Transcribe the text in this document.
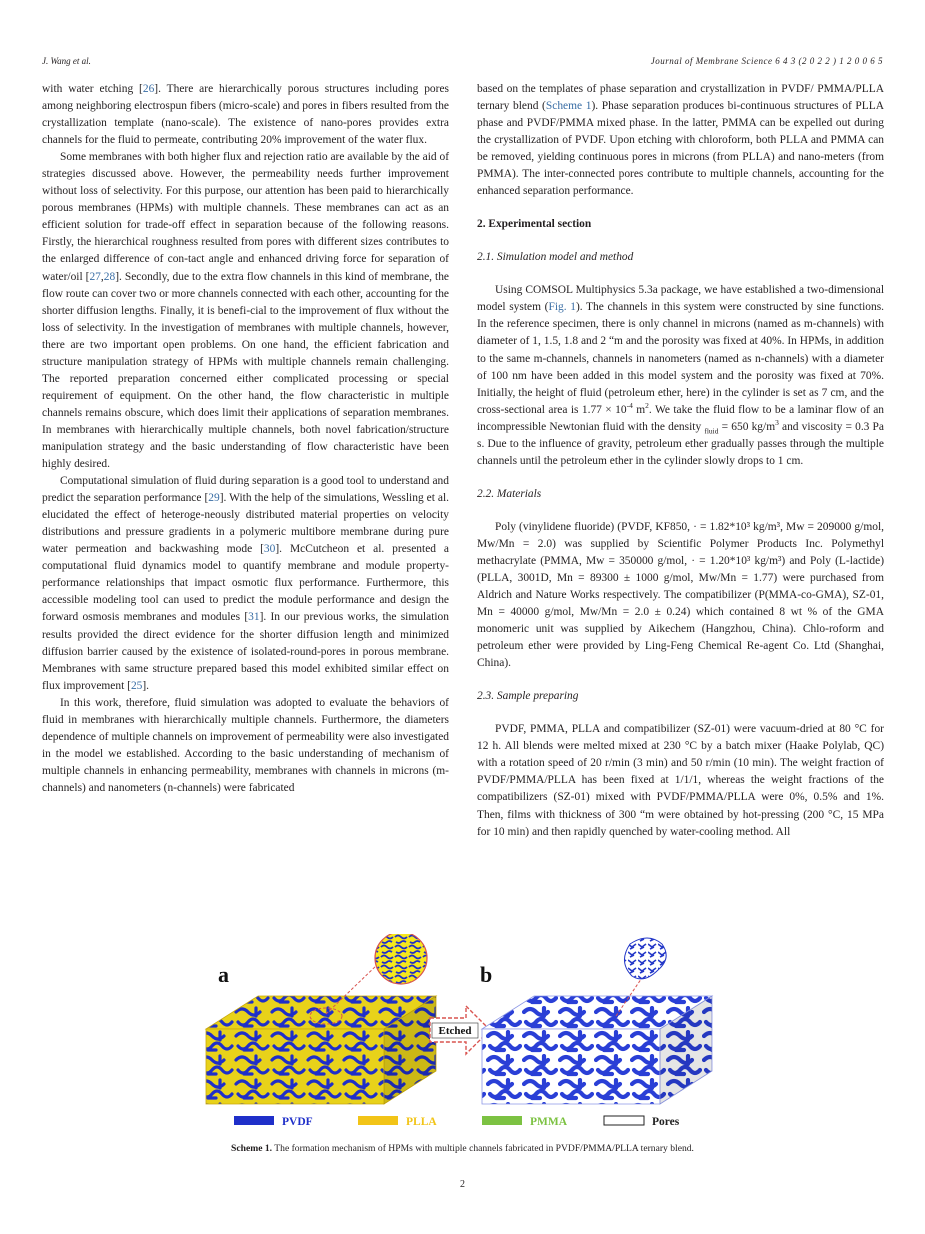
J. Wang et al.	Journal of Membrane Science 6 4 3 (2 0 2 2 ) 1 2 0 0 6 5

with water etching [26]. There are hierarchically porous structures including pores among neighboring electrospun fibers (micro-scale) and pores in fibers resulted from the crystallization template (nano-scale). The existence of nano-pores provides extra channels for the fluid to permeate, contributing 20% improvement of the water flux.

Some membranes with both higher flux and rejection ratio are available by the aid of strategies discussed above. However, the permeability needs further improvement without loss of selectivity. For this purpose, our attention has been paid to hierarchically porous membranes (HPMs) with multiple channels. These membranes can act as an efficient solution for trade-off effect in separation because of the following reasons. Firstly, the hierarchical roughness resulted from pores with different sizes contributes to the enlarged difference of con-tact angle and enhanced driving force for separation of water/oil [27,28]. Secondly, due to the extra flow channels in this kind of membrane, the flow route can cover two or more channels connected with each other, accounting for the shorter diffusion lengths. Finally, it is benefi-cial to the improvement of flux without the loss of selectivity. In the investigation of membranes with multiple channels, however, there are two important open problems. On one hand, the efficient fabrication and structure manipulation strategy of HPMs with multiple channels remain challenging. The reported preparation concerned either complicated processing or special requirement of equipment. On the other hand, the flow characteristic in multiple channels remains obscure, which does limit their applications of separation membranes. In membranes with hierarchically multiple channels, both novel fabrication/structure manipulation strategy and the basic understanding of flow characteristic have been highly desired.

Computational simulation of fluid during separation is a good tool to understand and predict the separation performance [29]. With the help of the simulations, Wessling et al. elucidated the effect of heteroge-neously distributed material properties on velocity distributions and pressure gradients in a polymeric multibore membrane during pure water permeation and backwashing mode [30]. McCutcheon et al. presented a computational fluid dynamics model to quantify membrane and module property-performance relationships that impact osmotic flux performance. Furthermore, this accessible modeling tool can used to predict the module performance and design the forward osmosis membranes and modules [31]. In our previous works, the simulation results provided the direct evidence for the shorter diffusion length and minimized diffusion barrier caused by the existence of isolated-round-pores in porous membrane. Membranes with same structure prepared based this model exhibited similar effect on flux improvement [25].

In this work, therefore, fluid simulation was adopted to evaluate the behaviors of fluid in membranes with hierarchically multiple channels. Furthermore, the diameters dependence of multiple channels on improvement of permeability were also investigated in the model we established. According to the basic understanding of mechanism of multiple channels in enhancing permeability, membranes with channels in microns (m-channels) and nanometers (n-channels) were fabricated

based on the templates of phase separation and crystallization in PVDF/ PMMA/PLLA ternary blend (Scheme 1). Phase separation produces bi-continuous structures of PLLA phase and PVDF/PMMA mixed phase. In the latter, PMMA can be expelled out during the crystallization of PVDF. Upon etching with chloroform, both PLLA and PMMA can be removed, yielding continuous pores in microns (from PLLA) and nano-meters (from PMMA). The inter-connected pores contribute to multiple channels, accounting for the enhanced separation performance.

2. Experimental section
2.1. Simulation model and method

Using COMSOL Multiphysics 5.3a package, we have established a two-dimensional model system (Fig. 1). The channels in this system were constructed by sine functions. In the reference specimen, there is only channel in microns (named as m-channels) with diameter of 1, 1.5, 1.8 and 2 “m and the porosity was fixed at 40%. In HPMs, in addition to the same m-channels, channels in nanometers (named as n-channels) with a diameter of 100 nm have been added in this model system and the porosity was fixed at 70%. Initially, the height of fluid (petroleum ether, here) in the cylinder is set as 7 cm, and the cross-sectional area is $1.77 \times 10^{-4}$ $m^2$. We take the fluid flow to be a laminar flow of an incompressible Newtonian fluid with the density $_{fluid}$ = 650 $kg/m^3$ and viscosity = 0.3 Pa s. Due to the influence of gravity, petroleum ether gradually passes through the multiple channels until the petroleum ether in the cylinder slowly drops to 1 cm.

2.2. Materials

Poly (vinylidene fluoride) (PVDF, KF850, · = 1.82*10³ kg/m³, Mw = 209000 g/mol, Mw/Mn = 2.0) was supplied by Scientific Polymer Products Inc. Polymethyl methacrylate (PMMA, Mw = 350000 g/mol, · = 1.20*10³ kg/m³) and Poly (L-lactide) (PLLA, 3001D, Mn = 89300 ± 1000 g/mol, Mw/Mn = 1.77) were purchased from Aldrich and Nature Works respectively. The compatibilizer (P(MMA-co-GMA), SZ-01, Mn = 40000 g/mol, Mw/Mn = 2.0 ± 0.24) which contained 8 wt % of the GMA monomeric unit was supplied by Aikechem (Hangzhou, China). Chlo-roform and petroleum ether were provided by Ling-Feng Chemical Re-agent Co. Ltd (Shanghai, China).

2.3. Sample preparing

PVDF, PMMA, PLLA and compatibilizer (SZ-01) were vacuum-dried at 80 °C for 12 h. All blends were melted mixed at 230 °C by a batch mixer (Haake Polylab, QC) with a rotation speed of 20 r/min (3 min) and 50 r/min (10 min). The weight fraction of PVDF/PMMA/PLLA has been fixed at 1/1/1, whereas the weight fractions of the compatibilizers (SZ-01) mixed with PVDF/PMMA/PLLA were 0%, 0.5% and 1%. Then, films with thickness of 300 “m were obtained by hot-pressing (200 °C, 15 MPa for 10 min) and then rapidly quenched by water-cooling method. All

a	b
Etched
PVDF	PLLA	PMMA	Pores
Scheme 1. The formation mechanism of HPMs with multiple channels fabricated in PVDF/PMMA/PLLA ternary blend.
2
